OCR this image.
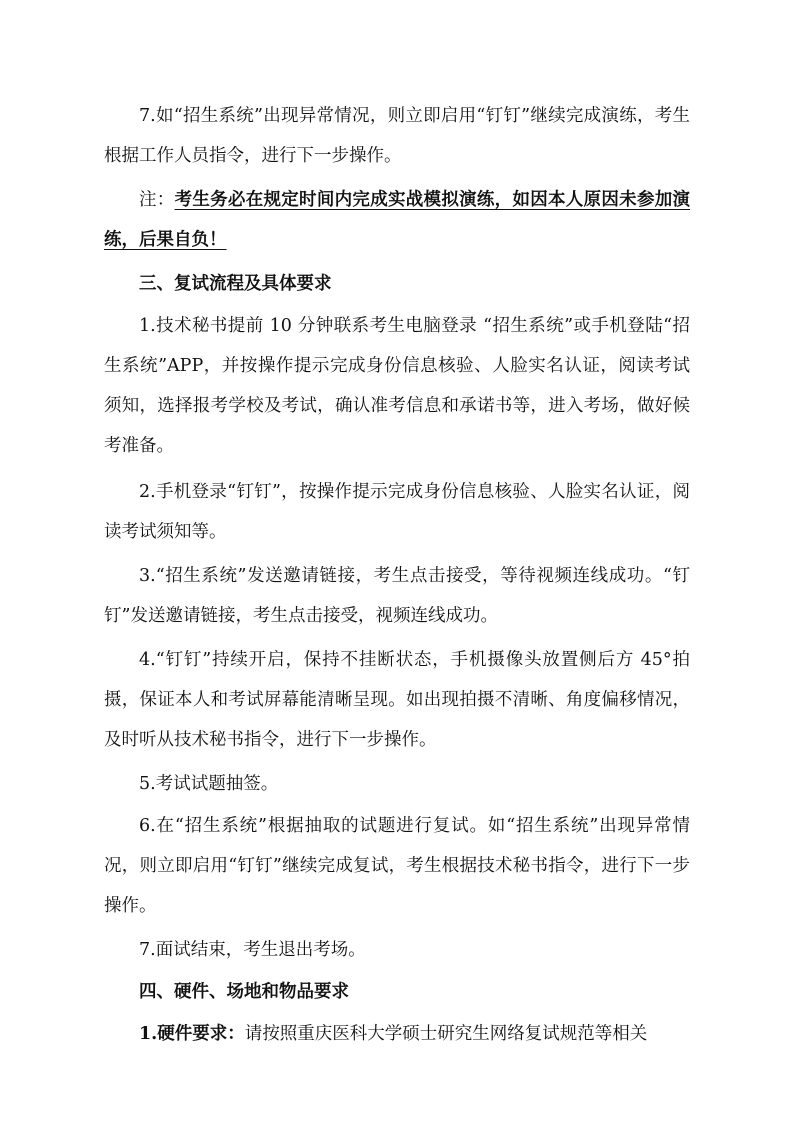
7.如“招生系统”出现异常情况，则立即启用“钉钉”继续完成演练，考生根据工作人员指令，进行下一步操作。

注：考生务必在规定时间内完成实战模拟演练，如因本人原因未参加演练，后果自负！

三、复试流程及具体要求

1.技术秘书提前 10 分钟联系考生电脑登录 “招生系统”或手机登陆“招生系统”APP，并按操作提示完成身份信息核验、人脸实名认证，阅读考试须知，选择报考学校及考试，确认准考信息和承诺书等，进入考场，做好候考准备。

2.手机登录“钉钉”，按操作提示完成身份信息核验、人脸实名认证，阅读考试须知等。

3.“招生系统”发送邀请链接，考生点击接受，等待视频连线成功。“钉钉”发送邀请链接，考生点击接受，视频连线成功。

4.“钉钉”持续开启，保持不挂断状态，手机摄像头放置侧后方 45°拍摄，保证本人和考试屏幕能清晰呈现。如出现拍摄不清晰、角度偏移情况，及时听从技术秘书指令，进行下一步操作。

5.考试试题抽签。

6.在“招生系统”根据抽取的试题进行复试。如“招生系统”出现异常情况，则立即启用“钉钉”继续完成复试，考生根据技术秘书指令，进行下一步操作。

7.面试结束，考生退出考场。

四、硬件、场地和物品要求

1.硬件要求：请按照重庆医科大学硕士研究生网络复试规范等相关
